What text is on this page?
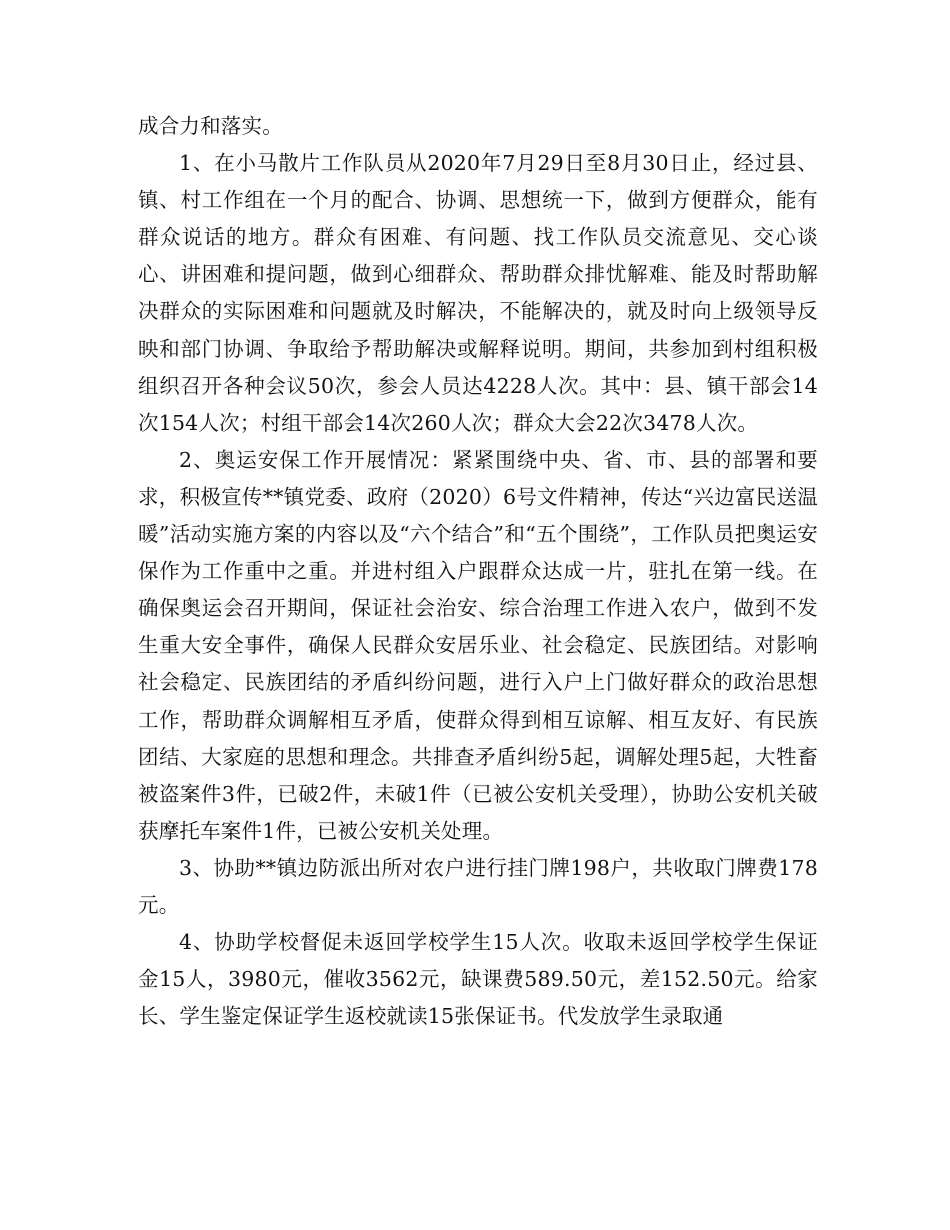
成合力和落实。

1、在小马散片工作队员从2020年7月29日至8月30日止，经过县、镇、村工作组在一个月的配合、协调、思想统一下，做到方便群众，能有群众说话的地方。群众有困难、有问题、找工作队员交流意见、交心谈心、讲困难和提问题，做到心细群众、帮助群众排忧解难、能及时帮助解决群众的实际困难和问题就及时解决，不能解决的，就及时向上级领导反映和部门协调、争取给予帮助解决或解释说明。期间，共参加到村组积极组织召开各种会议50次，参会人员达4228人次。其中：县、镇干部会14次154人次；村组干部会14次260人次；群众大会22次3478人次。

2、奥运安保工作开展情况：紧紧围绕中央、省、市、县的部署和要求，积极宣传**镇党委、政府（2020）6号文件精神，传达“兴边富民送温暖”活动实施方案的内容以及“六个结合”和“五个围绕”，工作队员把奥运安保作为工作重中之重。并进村组入户跟群众达成一片，驻扎在第一线。在确保奥运会召开期间，保证社会治安、综合治理工作进入农户，做到不发生重大安全事件，确保人民群众安居乐业、社会稳定、民族团结。对影响社会稳定、民族团结的矛盾纠纷问题，进行入户上门做好群众的政治思想工作，帮助群众调解相互矛盾，使群众得到相互谅解、相互友好、有民族团结、大家庭的思想和理念。共排查矛盾纠纷5起，调解处理5起，大牲畜被盗案件3件，已破2件，未破1件（已被公安机关受理），协助公安机关破获摩托车案件1件，已被公安机关处理。

3、协助**镇边防派出所对农户进行挂门牌198户，共收取门牌费178元。

4、协助学校督促未返回学校学生15人次。收取未返回学校学生保证金15人，3980元，催收3562元，缺课费589.50元，差152.50元。给家长、学生鉴定保证学生返校就读15张保证书。代发放学生录取通
